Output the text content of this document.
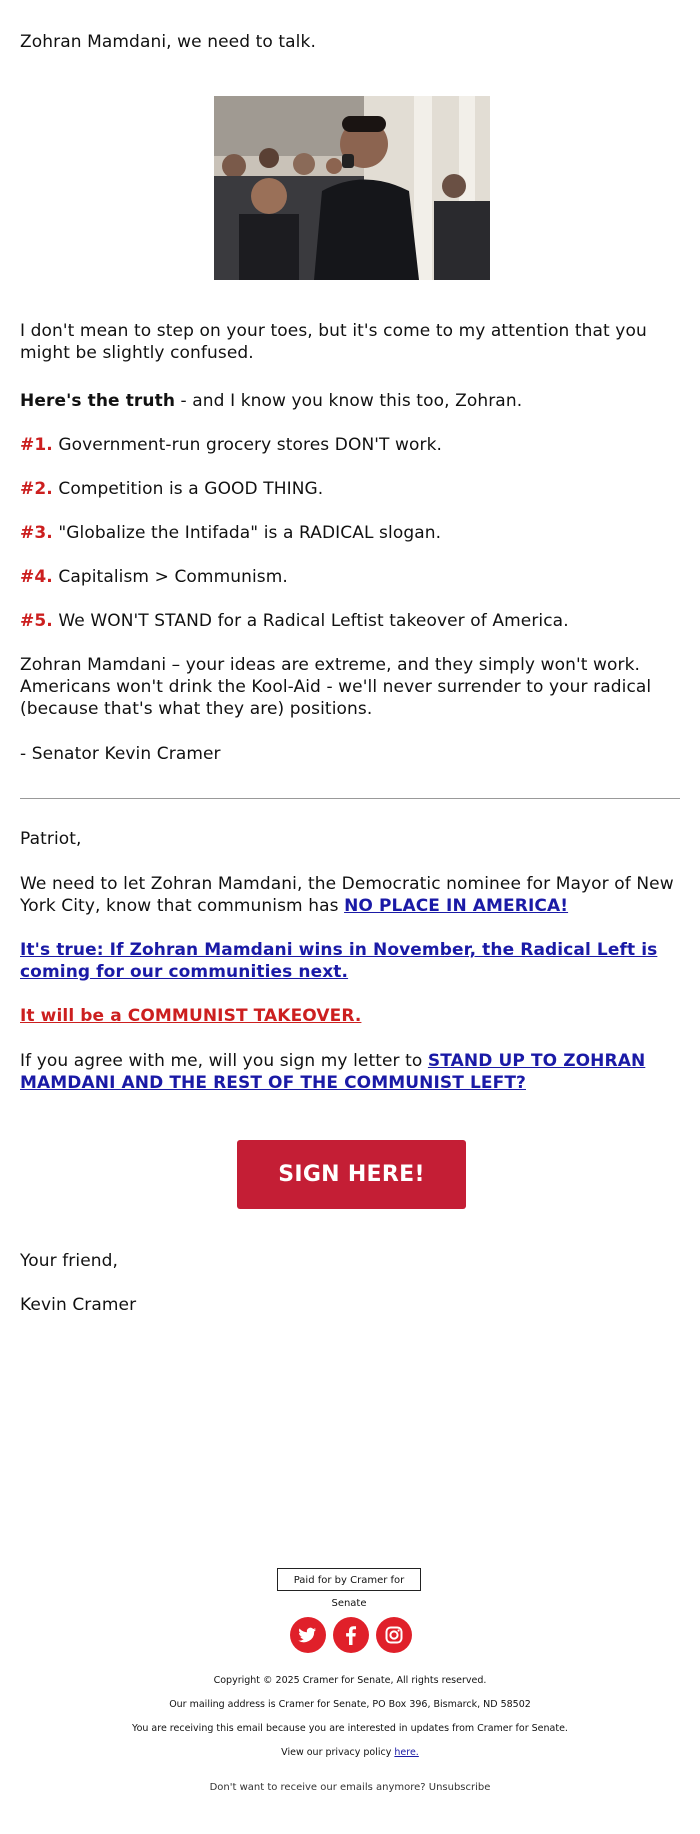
Zohran Mamdani, we need to talk.

I don't mean to step on your toes, but it's come to my attention that you might be slightly confused.

Here's the truth - and I know you know this too, Zohran.

#1. Government-run grocery stores DON'T work.

#2. Competition is a GOOD THING.

#3. "Globalize the Intifada" is a RADICAL slogan.

#4. Capitalism > Communism.

#5. We WON'T STAND for a Radical Leftist takeover of America.

Zohran Mamdani – your ideas are extreme, and they simply won't work. Americans won't drink the Kool-Aid - we'll never surrender to your radical (because that's what they are) positions.

- Senator Kevin Cramer

Patriot,

We need to let Zohran Mamdani, the Democratic nominee for Mayor of New York City, know that communism has NO PLACE IN AMERICA!

It's true: If Zohran Mamdani wins in November, the Radical Left is coming for our communities next.

It will be a COMMUNIST TAKEOVER.

If you agree with me, will you sign my letter to STAND UP TO ZOHRAN MAMDANI AND THE REST OF THE COMMUNIST LEFT?

SIGN HERE!

Your friend,

Kevin Cramer

Paid for by Cramer for Senate
Copyright © 2025 Cramer for Senate, All rights reserved.
Our mailing address is Cramer for Senate, PO Box 396, Bismarck, ND 58502
You are receiving this email because you are interested in updates from Cramer for Senate.
View our privacy policy here.
Don't want to receive our emails anymore? Unsubscribe
